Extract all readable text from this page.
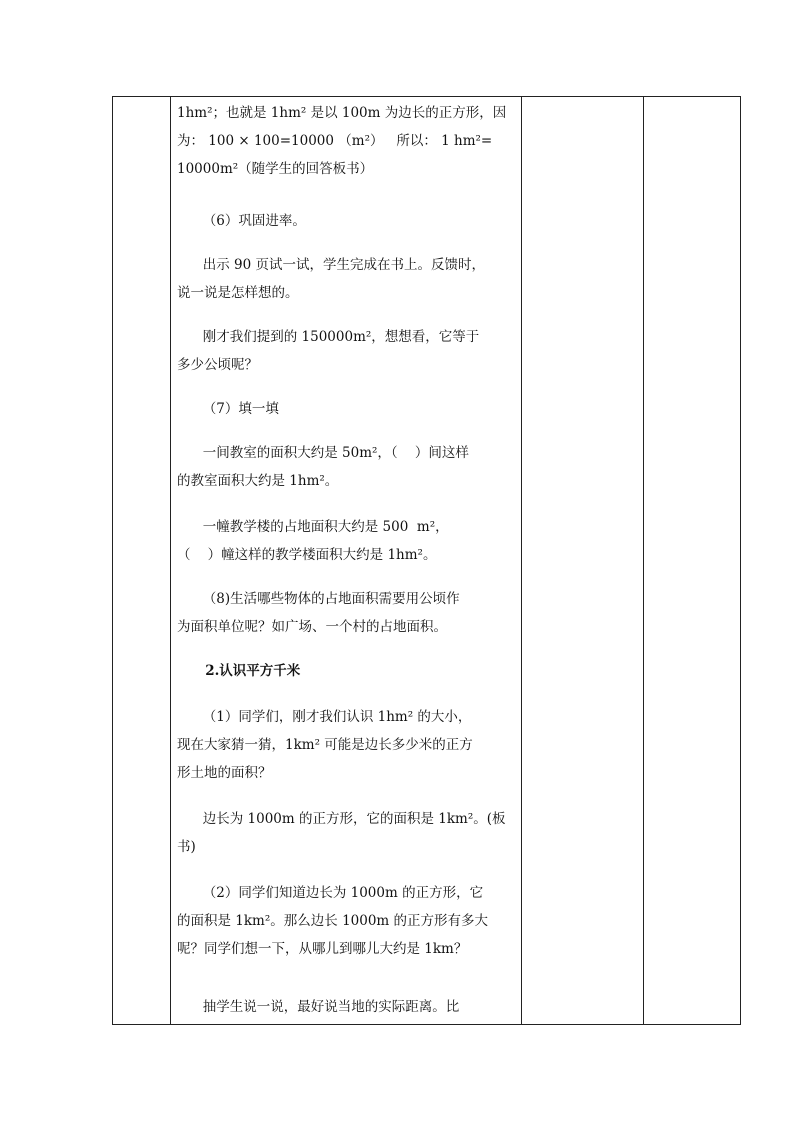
1hm²；也就是 1hm² 是以 100m 为边长的正方形，因
为： 100 × 100=10000 （m²）   所以： 1 hm²=
10000m²（随学生的回答板书）
（6）巩固进率。
出示 90 页试一试，学生完成在书上。反馈时，
说一说是怎样想的。
刚才我们提到的 150000m²，想想看，它等于
多少公顷呢？
（7）填一填
一间教室的面积大约是 50m²，（    ）间这样
的教室面积大约是 1hm²。
一幢教学楼的占地面积大约是 500  m²，
（    ）幢这样的教学楼面积大约是 1hm²。
（8)生活哪些物体的占地面积需要用公顷作
为面积单位呢？如广场、一个村的占地面积。
2.认识平方千米
（1）同学们，刚才我们认识 1hm² 的大小，
现在大家猜一猜，1km² 可能是边长多少米的正方
形土地的面积？
边长为 1000m 的正方形，它的面积是 1km²。(板
书)
（2）同学们知道边长为 1000m 的正方形，它
的面积是 1km²。那么边长 1000m 的正方形有多大
呢？同学们想一下，从哪儿到哪儿大约是 1km？
抽学生说一说，最好说当地的实际距离。比
